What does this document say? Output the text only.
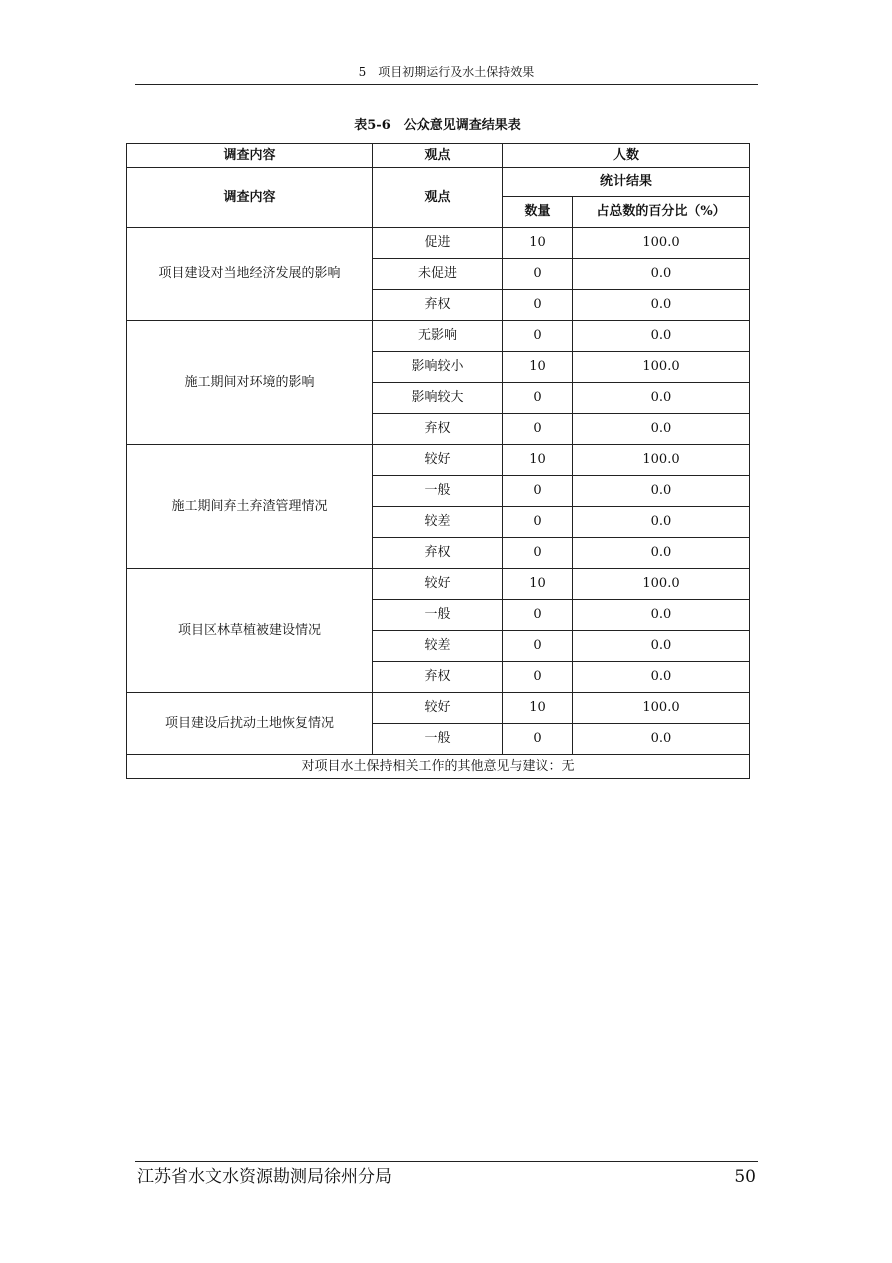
5　项目初期运行及水土保持效果
表5-6　公众意见调查结果表
调查内容	观点	人数	
调查内容	观点	统计结果	
		数量	占总数的百分比（%）
项目建设对当地经济发展的影响	促进	10	100.0
	未促进	0	0.0
	弃权	0	0.0
施工期间对环境的影响	无影响	0	0.0
	影响较小	10	100.0
	影响较大	0	0.0
	弃权	0	0.0
施工期间弃土弃渣管理情况	较好	10	100.0
	一般	0	0.0
	较差	0	0.0
	弃权	0	0.0
项目区林草植被建设情况	较好	10	100.0
	一般	0	0.0
	较差	0	0.0
	弃权	0	0.0
项目建设后扰动土地恢复情况	较好	10	100.0
	一般	0	0.0
对项目水土保持相关工作的其他意见与建议：无			
江苏省水文水资源勘测局徐州分局	50
